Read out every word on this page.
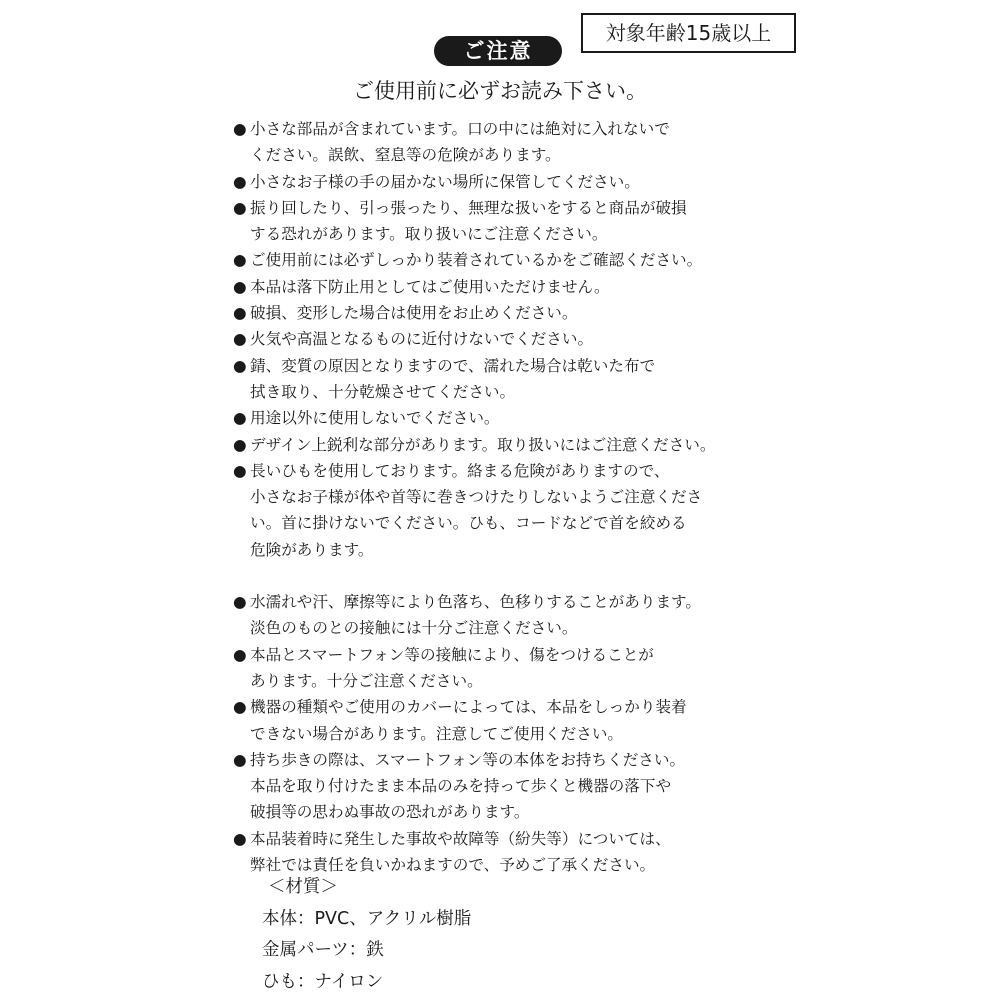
ご注意
対象年齢15歳以上
ご使用前に必ずお読み下さい。
● 小さな部品が含まれています。口の中には絶対に入れないで
ください。誤飲、窒息等の危険があります。
● 小さなお子様の手の届かない場所に保管してください。
● 振り回したり、引っ張ったり、無理な扱いをすると商品が破損
する恐れがあります。取り扱いにご注意ください。
● ご使用前には必ずしっかり装着されているかをご確認ください。
● 本品は落下防止用としてはご使用いただけません。
● 破損、変形した場合は使用をお止めください。
● 火気や高温となるものに近付けないでください。
● 錆、変質の原因となりますので、濡れた場合は乾いた布で
拭き取り、十分乾燥させてください。
● 用途以外に使用しないでください。
● デザイン上鋭利な部分があります。取り扱いにはご注意ください。
● 長いひもを使用しております。絡まる危険がありますので、
小さなお子様が体や首等に巻きつけたりしないようご注意くださ
い。首に掛けないでください。ひも、コードなどで首を絞める
危険があります。
● 水濡れや汗、摩擦等により色落ち、色移りすることがあります。
淡色のものとの接触には十分ご注意ください。
● 本品とスマートフォン等の接触により、傷をつけることが
あります。十分ご注意ください。
● 機器の種類やご使用のカバーによっては、本品をしっかり装着
できない場合があります。注意してご使用ください。
● 持ち歩きの際は、スマートフォン等の本体をお持ちください。
本品を取り付けたまま本品のみを持って歩くと機器の落下や
破損等の思わぬ事故の恐れがあります。
● 本品装着時に発生した事故や故障等（紛失等）については、
弊社では責任を負いかねますので、予めご了承ください。
＜材質＞
本体：PVC、アクリル樹脂
金属パーツ：鉄
ひも：ナイロン
